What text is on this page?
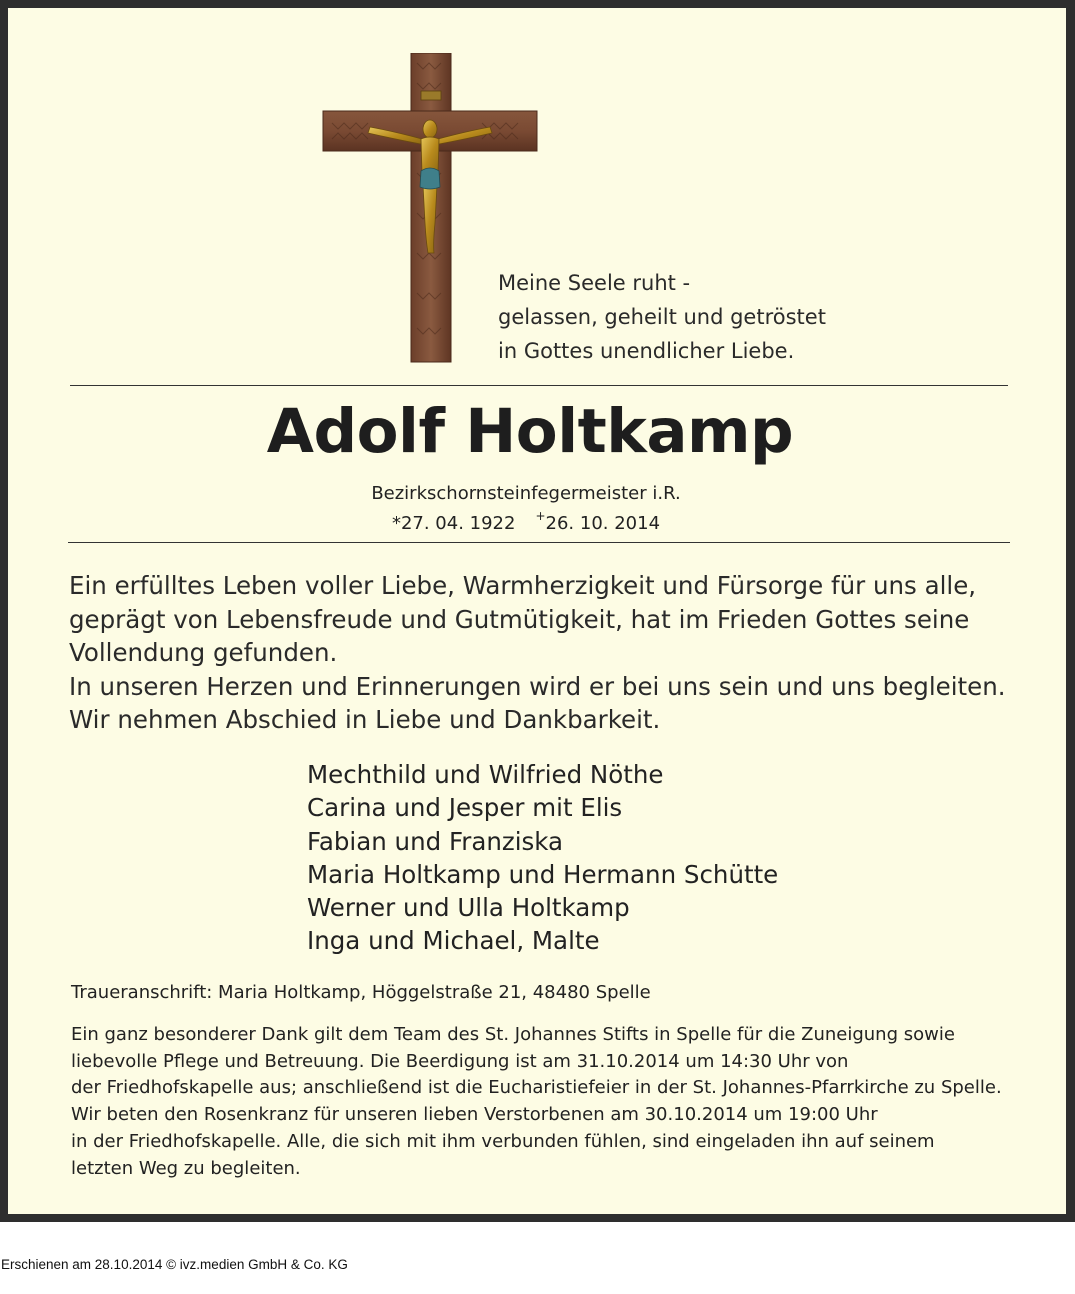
Meine Seele ruht -
gelassen, geheilt und getröstet
in Gottes unendlicher Liebe.
Adolf Holtkamp
Bezirkschornsteinfegermeister i.R.
*27. 04. 1922 +26. 10. 2014
Ein erfülltes Leben voller Liebe, Warmherzigkeit und Fürsorge für uns alle,
geprägt von Lebensfreude und Gutmütigkeit, hat im Frieden Gottes seine
Vollendung gefunden.
In unseren Herzen und Erinnerungen wird er bei uns sein und uns begleiten.
Wir nehmen Abschied in Liebe und Dankbarkeit.
Mechthild und Wilfried Nöthe
Carina und Jesper mit Elis
Fabian und Franziska
Maria Holtkamp und Hermann Schütte
Werner und Ulla Holtkamp
Inga und Michael, Malte
Traueranschrift: Maria Holtkamp, Höggelstraße 21, 48480 Spelle
Ein ganz besonderer Dank gilt dem Team des St. Johannes Stifts in Spelle für die Zuneigung sowie
liebevolle Pflege und Betreuung. Die Beerdigung ist am 31.10.2014 um 14:30 Uhr von
der Friedhofskapelle aus; anschließend ist die Eucharistiefeier in der St. Johannes-Pfarrkirche zu Spelle.
Wir beten den Rosenkranz für unseren lieben Verstorbenen am 30.10.2014 um 19:00 Uhr
in der Friedhofskapelle. Alle, die sich mit ihm verbunden fühlen, sind eingeladen ihn auf seinem
letzten Weg zu begleiten.
Erschienen am 28.10.2014 © ivz.medien GmbH & Co. KG
